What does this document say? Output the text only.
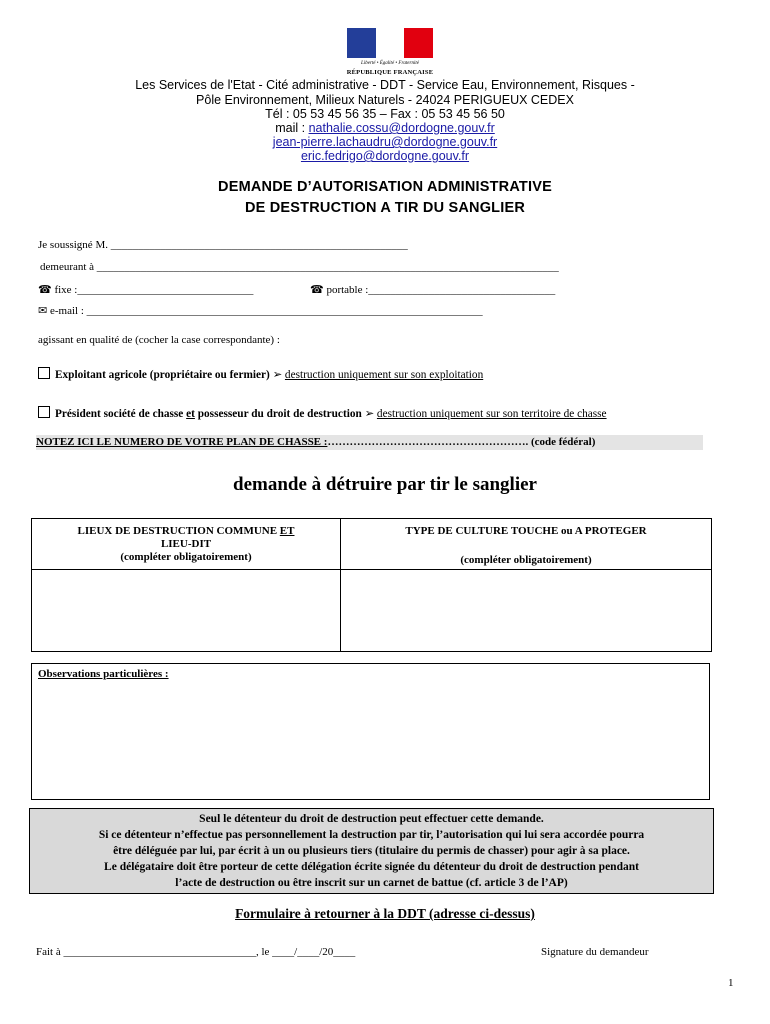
Liberté • Égalité • Fraternité
RÉPUBLIQUE FRANÇAISE
Les Services de l'Etat - Cité administrative - DDT - Service Eau, Environnement, Risques -
Pôle Environnement, Milieux Naturels - 24024 PERIGUEUX CEDEX
Tél : 05 53 45 56 35 – Fax : 05 53 45 56 50
mail : nathalie.cossu@dordogne.gouv.fr
jean-pierre.lachaudru@dordogne.gouv.fr
eric.fedrigo@dordogne.gouv.fr
DEMANDE D’AUTORISATION ADMINISTRATIVE
DE DESTRUCTION A TIR DU SANGLIER
Je soussigné M. ______________________________________________________
demeurant à ____________________________________________________________________________________
☎ fixe :________________________________	☎ portable :__________________________________
✉ e-mail : ________________________________________________________________________
agissant en qualité de (cocher la case correspondante) :
Exploitant agricole (propriétaire ou fermier) ➢ destruction uniquement sur son exploitation
Président société de chasse et possesseur du droit de destruction ➢ destruction uniquement sur son territoire de chasse
NOTEZ ICI LE NUMERO DE VOTRE PLAN DE CHASSE :………………………………………………. (code fédéral)
demande à détruire par tir le sanglier
LIEUX DE DESTRUCTION COMMUNE ET
LIEU-DIT
(compléter obligatoirement)
TYPE DE CULTURE TOUCHE ou A PROTEGER
(compléter obligatoirement)
Observations particulières :
Seul le détenteur du droit de destruction peut effectuer cette demande.
Si ce détenteur n’effectue pas personnellement la destruction par tir, l’autorisation qui lui sera accordée pourra
être déléguée par lui, par écrit à un ou plusieurs tiers (titulaire du permis de chasser) pour agir à sa place.
Le délégataire doit être porteur de cette délégation écrite signée du détenteur du droit de destruction pendant
l’acte de destruction ou être inscrit sur un carnet de battue (cf. article 3 de l’AP)
Formulaire à retourner à la DDT (adresse ci-dessus)
Fait à ___________________________________, le ____/____/20____	Signature du demandeur
1
